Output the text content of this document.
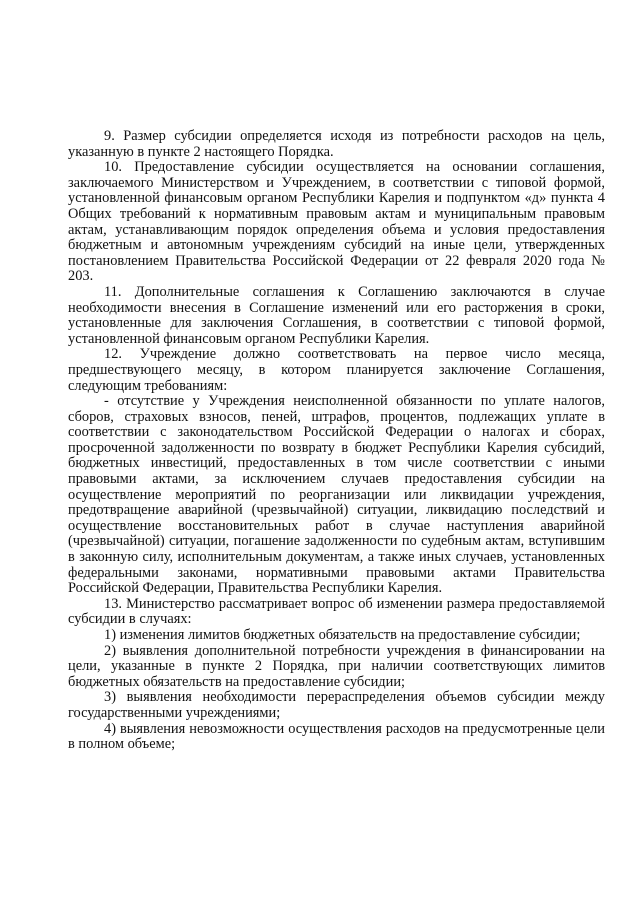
9. Размер субсидии определяется исходя из потребности расходов на цель, указанную в пункте 2 настоящего Порядка.

10. Предоставление субсидии осуществляется на основании соглашения, заключаемого Министерством и Учреждением, в соответствии с типовой формой, установленной финансовым органом Республики Карелия и подпунктом «д» пункта 4 Общих требований к нормативным правовым актам и муниципальным правовым актам, устанавливающим порядок определения объема и условия предоставления бюджетным и автономным учреждениям субсидий на иные цели, утвержденных постановлением Правительства Российской Федерации от 22 февраля 2020 года № 203.

11. Дополнительные соглашения к Соглашению заключаются в случае необходимости внесения в Соглашение изменений или его расторжения в сроки, установленные для заключения Соглашения, в соответствии с типовой формой, установленной финансовым органом Республики Карелия.

12. Учреждение должно соответствовать на первое число месяца, предшествующего месяцу, в котором планируется заключение Соглашения, следующим требованиям:

- отсутствие у Учреждения неисполненной обязанности по уплате налогов, сборов, страховых взносов, пеней, штрафов, процентов, подлежащих уплате в соответствии с законодательством Российской Федерации о налогах и сборах, просроченной задолженности по возврату в бюджет Республики Карелия субсидий, бюджетных инвестиций, предоставленных в том числе соответствии с иными правовыми актами, за исключением случаев предоставления субсидии на осуществление мероприятий по реорганизации или ликвидации учреждения, предотвращение аварийной (чрезвычайной) ситуации, ликвидацию последствий и осуществление восстановительных работ в случае наступления аварийной (чрезвычайной) ситуации, погашение задолженности по судебным актам, вступившим в законную силу, исполнительным документам, а также иных случаев, установленных федеральными законами, нормативными правовыми актами Правительства Российской Федерации, Правительства Республики Карелия.

13. Министерство рассматривает вопрос об изменении размера предоставляемой субсидии в случаях:

1) изменения лимитов бюджетных обязательств на предоставление субсидии;

2) выявления дополнительной потребности учреждения в финансировании на цели, указанные в пункте 2 Порядка, при наличии соответствующих лимитов бюджетных обязательств на предоставление субсидии;

3) выявления необходимости перераспределения объемов субсидии между государственными учреждениями;

4) выявления невозможности осуществления расходов на предусмотренные цели в полном объеме;
